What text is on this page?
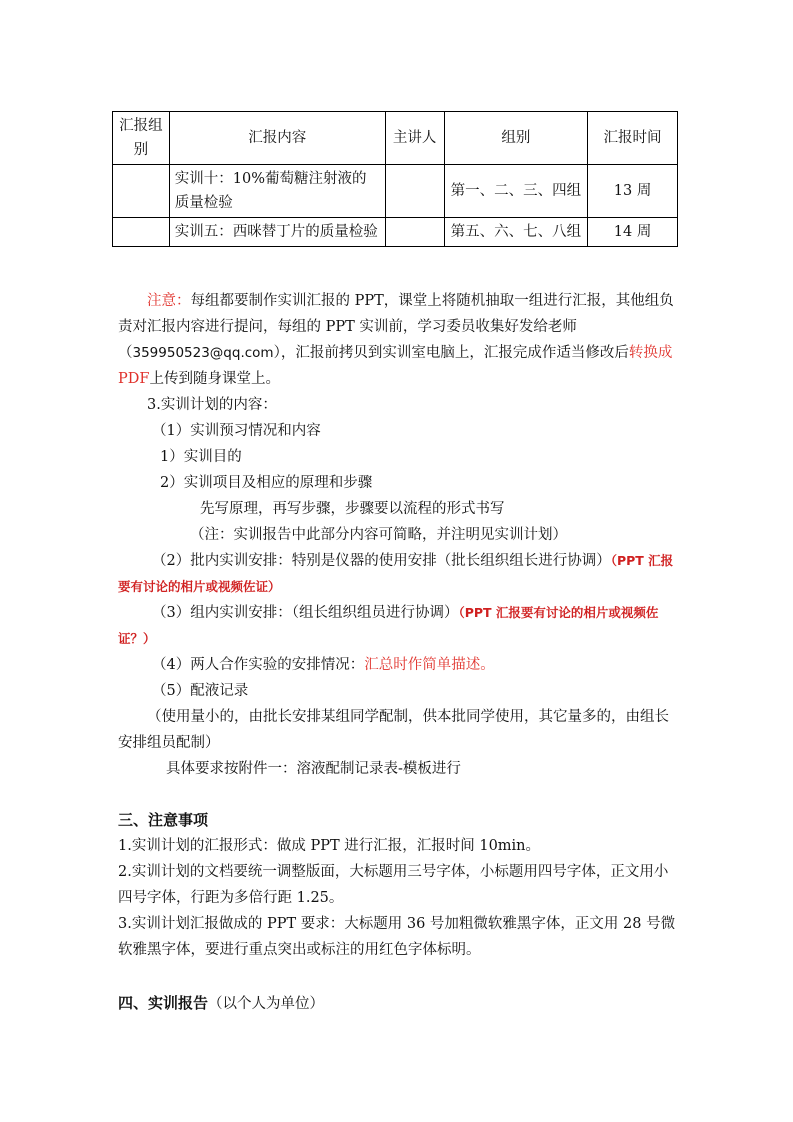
汇报组别	汇报内容	主讲人	组别	汇报时间
	实训十：10%葡萄糖注射液的质量检验		第一、二、三、四组	13 周
	实训五：西咪替丁片的质量检验		第五、六、七、八组	14 周

注意：每组都要制作实训汇报的 PPT，课堂上将随机抽取一组进行汇报，其他组负责对汇报内容进行提问，每组的 PPT 实训前，学习委员收集好发给老师（359950523@qq.com），汇报前拷贝到实训室电脑上，汇报完成作适当修改后转换成 PDF上传到随身课堂上。

3.实训计划的内容：

（1）实训预习情况和内容

1）实训目的

2）实训项目及相应的原理和步骤

先写原理，再写步骤，步骤要以流程的形式书写

（注：实训报告中此部分内容可简略，并注明见实训计划）

（2）批内实训安排：特别是仪器的使用安排（批长组织组长进行协调）（PPT 汇报要有讨论的相片或视频佐证）

（3）组内实训安排：（组长组织组员进行协调）（PPT 汇报要有讨论的相片或视频佐证？）

（4）两人合作实验的安排情况：汇总时作简单描述。

（5）配液记录

（使用量小的，由批长安排某组同学配制，供本批同学使用，其它量多的，由组长安排组员配制）

具体要求按附件一：溶液配制记录表-模板进行

三、注意事项

1.实训计划的汇报形式：做成 PPT 进行汇报，汇报时间 10min。

2.实训计划的文档要统一调整版面，大标题用三号字体，小标题用四号字体，正文用小四号字体，行距为多倍行距 1.25。

3.实训计划汇报做成的 PPT 要求：大标题用 36 号加粗微软雅黑字体，正文用 28 号微软雅黑字体，要进行重点突出或标注的用红色字体标明。

四、实训报告（以个人为单位）
